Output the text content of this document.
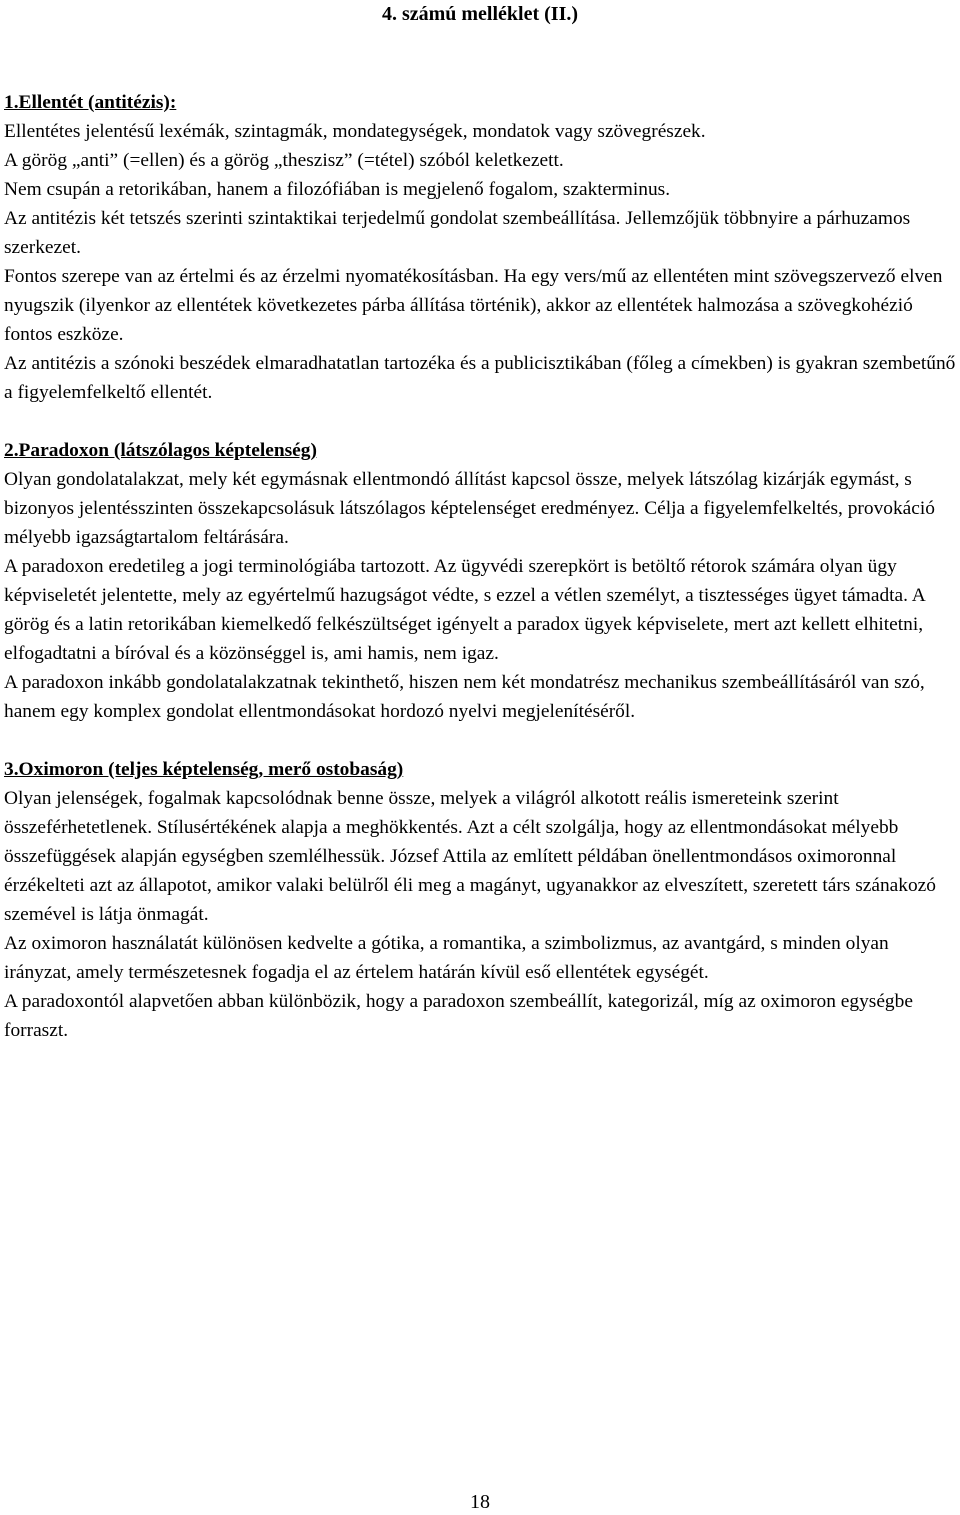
4. számú melléklet (II.)

1.Ellentét (antitézis):

Ellentétes jelentésű lexémák, szintagmák, mondategységek, mondatok vagy szövegrészek.

A görög „anti” (=ellen) és a görög „theszisz” (=tétel) szóból keletkezett.

Nem csupán a retorikában, hanem a filozófiában is megjelenő fogalom, szakterminus.

Az antitézis két tetszés szerinti szintaktikai terjedelmű gondolat szembeállítása. Jellemzőjük többnyire a párhuzamos szerkezet.

Fontos szerepe van az értelmi és az érzelmi nyomatékosításban. Ha egy vers/mű az ellentéten mint szövegszervező elven nyugszik (ilyenkor az ellentétek következetes párba állítása történik), akkor az ellentétek halmozása a szövegkohézió fontos eszköze.

Az antitézis a szónoki beszédek elmaradhatatlan tartozéka és a publicisztikában (főleg a címekben) is gyakran szembetűnő a figyelemfelkeltő ellentét.

2.Paradoxon (látszólagos képtelenség)

Olyan gondolatalakzat, mely két egymásnak ellentmondó állítást kapcsol össze, melyek látszólag kizárják egymást, s bizonyos jelentésszinten összekapcsolásuk látszólagos képtelenséget eredményez. Célja a figyelemfelkeltés, provokáció mélyebb igazságtartalom feltárására.

A paradoxon eredetileg a jogi terminológiába tartozott. Az ügyvédi szerepkört is betöltő rétorok számára olyan ügy képviseletét jelentette, mely az egyértelmű hazugságot védte, s ezzel a vétlen személyt, a tisztességes ügyet támadta. A görög és a latin retorikában kiemelkedő felkészültséget igényelt a paradox ügyek képviselete, mert azt kellett elhitetni, elfogadtatni a bíróval és a közönséggel is, ami hamis, nem igaz.

A paradoxon inkább gondolatalakzatnak tekinthető, hiszen nem két mondatrész mechanikus szembeállításáról van szó, hanem egy komplex gondolat ellentmondásokat hordozó nyelvi megjelenítéséről.

3.Oximoron (teljes képtelenség, merő ostobaság)

Olyan jelenségek, fogalmak kapcsolódnak benne össze, melyek a világról alkotott reális ismereteink szerint összeférhetetlenek. Stílusértékének alapja a meghökkentés. Azt a célt szolgálja, hogy az ellentmondásokat mélyebb összefüggések alapján egységben szemlélhessük. József Attila az említett példában önellentmondásos oximoronnal érzékelteti azt az állapotot, amikor valaki belülről éli meg a magányt, ugyanakkor az elveszített, szeretett társ szánakozó szemével is látja önmagát.

Az oximoron használatát különösen kedvelte a gótika, a romantika, a szimbolizmus, az avantgárd, s minden olyan irányzat, amely természetesnek fogadja el az értelem határán kívül eső ellentétek egységét.

A paradoxontól alapvetően abban különbözik, hogy a paradoxon szembeállít, kategorizál, míg az oximoron egységbe forraszt.

18
